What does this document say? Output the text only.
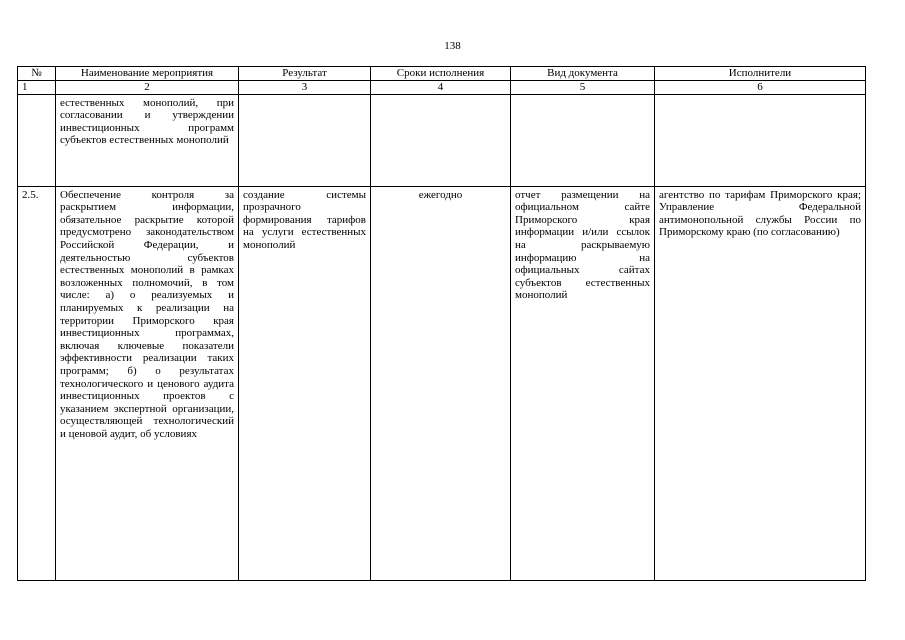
138
№	Наименование мероприятия	Результат	Сроки исполнения	Вид документа	Исполнители
1	2	3	4	5	6
	естественных монополий, при согласовании и утверждении инвестиционных программ субъектов естественных монополий				
2.5.	Обеспечение контроля за раскрытием информации, обязательное раскрытие которой предусмотрено законодательством Российской Федерации, и деятельностью субъектов естественных монополий в рамках возложенных полномочий, в том числе: а) о реализуемых и планируемых к реализации на территории Приморского края инвестиционных программах, включая ключевые показатели эффективности реализации таких программ; б) о результатах технологического и ценового аудита инвестиционных проектов с указанием экспертной организации, осуществляющей технологический и ценовой аудит, об условиях	создание системы прозрачного формирования тарифов на услуги естественных монополий	ежегодно	отчет размещении на официальном сайте Приморского края информации и/или ссылок на раскрываемую информацию на официальных сайтах субъектов естественных монополий	агентство по тарифам Приморского края; Управление Федеральной антимонопольной службы России по Приморскому краю (по согласованию)
